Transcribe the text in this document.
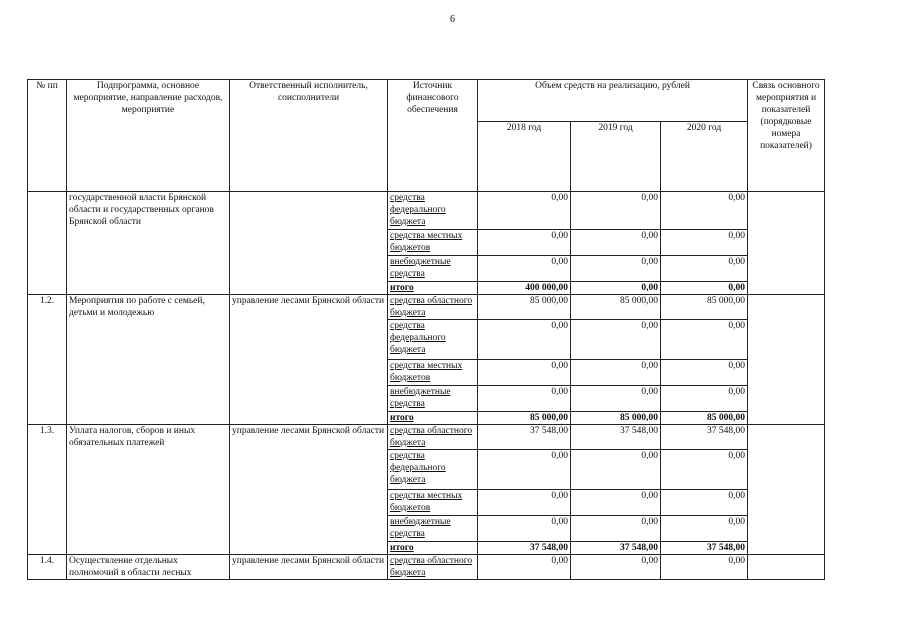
6
№ пп	Подпрограмма, основное мероприятие, направление расходов, мероприятие	Ответственный исполнитель, соисполнители	Источник финансового обеспечения	Объем средств на реализацию, рублей			Связь основного мероприятия и показателей (порядковые номера показателей)
				2018 год	2019 год	2020 год	
	государственной власти Брянской области и государственных органов Брянской области		средства федерального бюджета	0,00	0,00	0,00	
			средства местных бюджетов	0,00	0,00	0,00	
			внебюджетные средства	0,00	0,00	0,00	
			итого	400 000,00	0,00	0,00	
1.2.	Мероприятия по работе с семьей, детьми и молодежью	управление лесами Брянской области	средства областного бюджета	85 000,00	85 000,00	85 000,00	
			средства федерального бюджета	0,00	0,00	0,00	
			средства местных бюджетов	0,00	0,00	0,00	
			внебюджетные средства	0,00	0,00	0,00	
			итого	85 000,00	85 000,00	85 000,00	
1.3.	Уплата налогов, сборов и иных обязательных платежей	управление лесами Брянской области	средства областного бюджета	37 548,00	37 548,00	37 548,00	
			средства федерального бюджета	0,00	0,00	0,00	
			средства местных бюджетов	0,00	0,00	0,00	
			внебюджетные средства	0,00	0,00	0,00	
			итого	37 548,00	37 548,00	37 548,00	
1.4.	Осуществление отдельных полномочий в области лесных	управление лесами Брянской области	средства областного бюджета	0,00	0,00	0,00	
